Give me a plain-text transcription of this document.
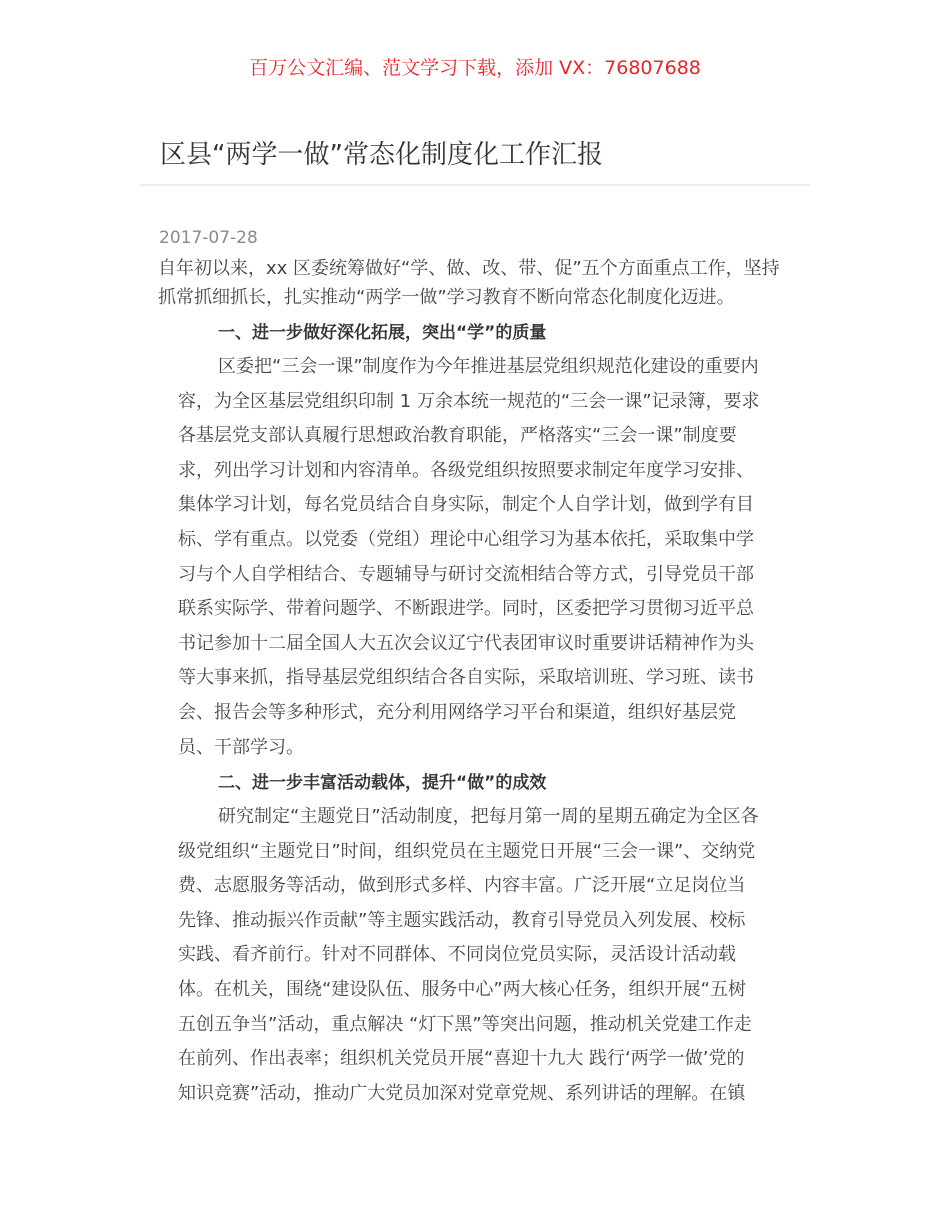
百万公文汇编、范文学习下载，添加 VX：76807688
区县“两学一做”常态化制度化工作汇报
2017-07-28
自年初以来，xx 区委统筹做好“学、做、改、带、促”五个方面重点工作，坚持
抓常抓细抓长，扎实推动“两学一做”学习教育不断向常态化制度化迈进。
一、进一步做好深化拓展，突出“学”的质量
区委把“三会一课”制度作为今年推进基层党组织规范化建设的重要内
容，为全区基层党组织印制 1 万余本统一规范的“三会一课”记录簿，要求
各基层党支部认真履行思想政治教育职能，严格落实“三会一课”制度要
求，列出学习计划和内容清单。各级党组织按照要求制定年度学习安排、
集体学习计划，每名党员结合自身实际，制定个人自学计划，做到学有目
标、学有重点。以党委（党组）理论中心组学习为基本依托，采取集中学
习与个人自学相结合、专题辅导与研讨交流相结合等方式，引导党员干部
联系实际学、带着问题学、不断跟进学。同时，区委把学习贯彻习近平总
书记参加十二届全国人大五次会议辽宁代表团审议时重要讲话精神作为头
等大事来抓，指导基层党组织结合各自实际，采取培训班、学习班、读书
会、报告会等多种形式，充分利用网络学习平台和渠道，组织好基层党
员、干部学习。
二、进一步丰富活动载体，提升“做”的成效
研究制定“主题党日”活动制度，把每月第一周的星期五确定为全区各
级党组织“主题党日”时间，组织党员在主题党日开展“三会一课”、交纳党
费、志愿服务等活动，做到形式多样、内容丰富。广泛开展“立足岗位当
先锋、推动振兴作贡献”等主题实践活动，教育引导党员入列发展、校标
实践、看齐前行。针对不同群体、不同岗位党员实际，灵活设计活动载
体。在机关，围绕“建设队伍、服务中心”两大核心任务，组织开展“五树
五创五争当”活动，重点解决 “灯下黑”等突出问题，推动机关党建工作走
在前列、作出表率；组织机关党员开展“喜迎十九大 践行‘两学一做’党的
知识竞赛”活动，推动广大党员加深对党章党规、系列讲话的理解。在镇
